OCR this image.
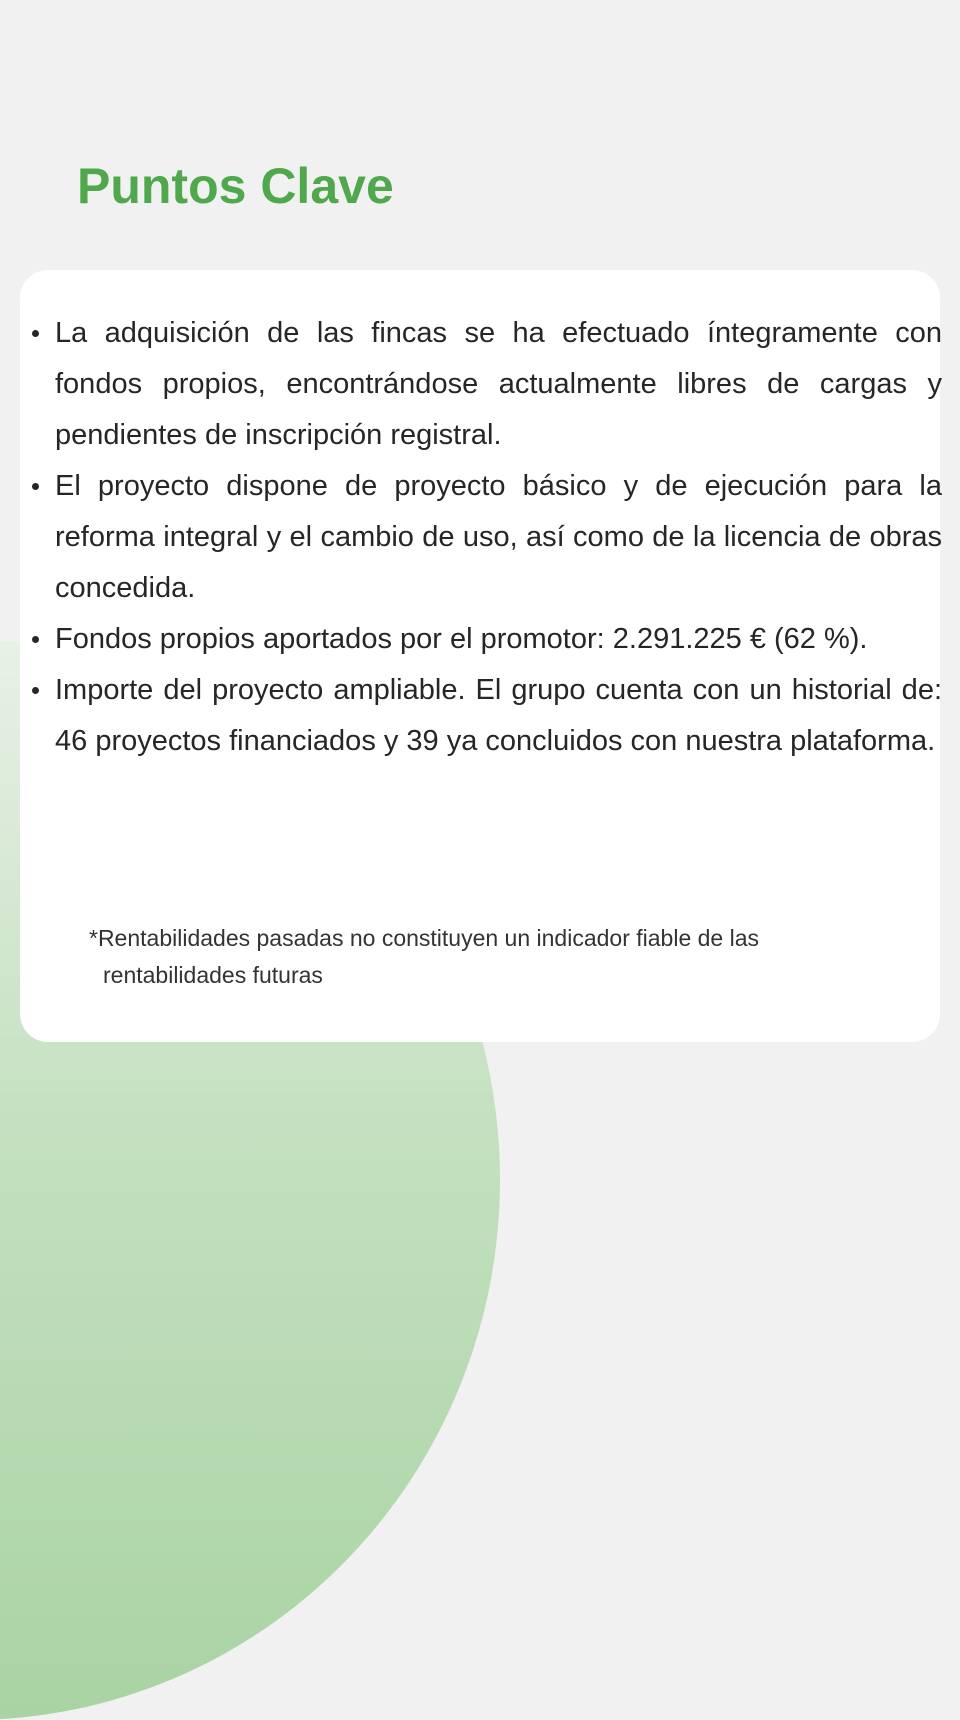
Puntos Clave
La adquisición de las fincas se ha efectuado íntegramente con fondos propios, encontrándose actualmente libres de cargas y pendientes de inscripción registral.
El proyecto dispone de proyecto básico y de ejecución para la reforma integral y el cambio de uso, así como de la licencia de obras concedida.
Fondos propios aportados por el promotor: 2.291.225 € (62 %).
Importe del proyecto ampliable. El grupo cuenta con un historial de: 46 proyectos financiados y 39 ya concluidos con nuestra plataforma.
*Rentabilidades pasadas no constituyen un indicador fiable de las
rentabilidades futuras
